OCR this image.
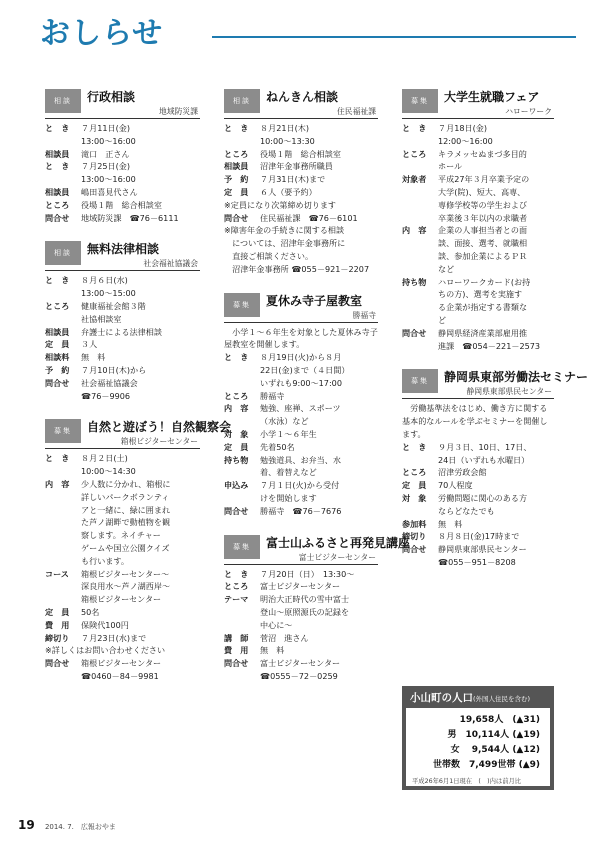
おしらせ
相談	行政相談
地域防災課
と　き	７月11日(金)
13:00～16:00
相談員	滝口　正さん
と　き	７月25日(金)
13:00～16:00
相談員	嶋田喜見代さん
ところ	役場１階　総合相談室
問合せ	地域防災課　☎76－6111
相談	無料法律相談
社会福祉協議会
と　き	８月６日(水)
13:00～15:00
ところ	健康福祉会館３階
社協相談室
相談員	弁護士による法律相談
定　員	３人
相談料	無　料
予　約	７月10日(木)から
問合せ	社会福祉協議会
☎76－9906
募集	自然と遊ぼう！自然観察会
箱根ビジターセンター
と　き	８月２日(土)
10:00～14:30
内　容	少人数に分かれ、箱根に
詳しいパークボランティ
アと一緒に、緑に囲まれ
た芦ノ湖畔で動植物を観
察します。ネイチャー
ゲームや国立公園クイズ
も行います。
コース	箱根ビジターセンター～
深良用水～芦ノ湖西岸～
箱根ビジターセンター
定　員	50名
費　用	保険代100円
締切り	７月23日(水)まで
※詳しくはお問い合わせください
問合せ	箱根ビジターセンター
☎0460－84－9981
相談	ねんきん相談
住民福祉課
と　き	８月21日(木)
10:00～13:30
ところ	役場１階　総合相談室
相談員	沼津年金事務所職員
予　約	７月31日(木)まで
定　員	６人（要予約）
※定員になり次第締め切ります
問合せ	住民福祉課　☎76－6101
※障害年金の手続きに関する相談
　については、沼津年金事務所に
　直接ご相談ください。
　沼津年金事務所 ☎055－921－2207
募集	夏休み寺子屋教室
勝福寺
小学１～６年生を対象とした夏休み寺子屋教室を開催します。
と　き	８月19日(火)から８月
22日(金)まで（４日間）
いずれも9:00～17:00
ところ	勝福寺
内　容	勉強、座禅、スポーツ
（水泳）など
対　象	小学１～６年生
定　員	先着50名
持ち物	勉強道具、お弁当、水
着、着替えなど
申込み	７月１日(火)から受付
けを開始します
問合せ	勝福寺　☎76－7676
募集	富士山ふるさと再発見講座
富士ビジターセンター
と　き	７月20日（日）　13:30～
ところ	富士ビジターセンター
テーマ	明治大正時代の雪中富士
登山～原照源氏の記録を
中心に～
講　師	菅沼　進さん
費　用	無　料
問合せ	富士ビジターセンター
☎0555－72－0259
募集	大学生就職フェア
ハローワーク
と　き	７月18日(金)
12:00～16:00
ところ	キラメッセぬまづ多目的
ホール
対象者	平成27年３月卒業予定の
大学(院)、短大、高専、
専修学校等の学生および
卒業後３年以内の求職者
内　容	企業の人事担当者との面
談、面接、選考、就職相
談、参加企業によるＰＲ
など
持ち物	ハローワークカード(お持
ちの方)、選考を実施す
る企業が指定する書類な
ど
問合せ	静岡県経済産業部雇用推
進課　☎054－221－2573
募集	静岡県東部労働法セミナー
静岡県東部県民センター
労働基準法をはじめ、働き方に関する基本的なルールを学ぶセミナーを開催します。
と　き	９月３日、10日、17日、
24日（いずれも水曜日）
ところ	沼津労政会館
定　員	70人程度
対　象	労働問題に関心のある方
ならどなたでも
参加料	無　料
締切り	８月８日(金)17時まで
問合せ	静岡県東部県民センター
☎055－951－8208
小山町の人口(外国人住民を含む)
19,658人　(▲31)
男　10,114人 (▲19)
女　 9,544人 (▲12)
世帯数　7,499世帯 (▲9)
平成26年6月1日現在　(　)内は前月比
19 2014. 7.　広報おやま
